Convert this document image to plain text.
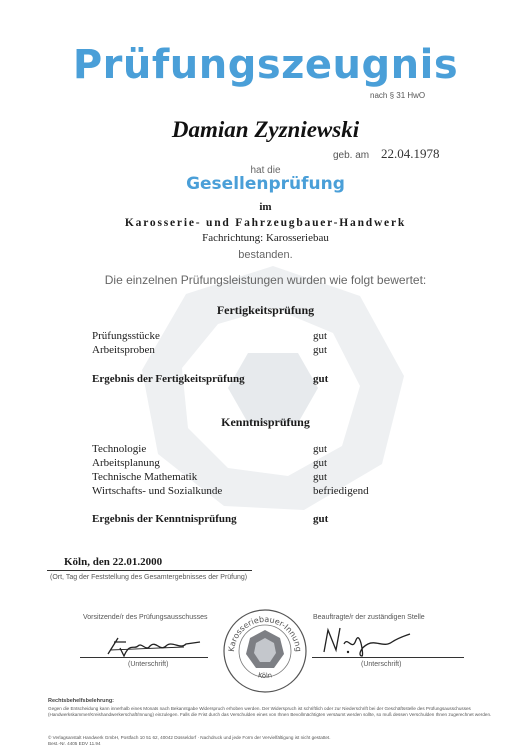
Prüfungszeugnis
nach § 31 HwO
Damian Zyzniewski
geb. am 22.04.1978
hat die
Gesellenprüfung
im
Karosserie- und Fahrzeugbauer-Handwerk
Fachrichtung: Karosseriebau
bestanden.
Die einzelnen Prüfungsleistungen wurden wie folgt bewertet:
Fertigkeitsprüfung
Prüfungsstücke	gut
Arbeitsproben	gut
Ergebnis der Fertigkeitsprüfung	gut
Kenntnisprüfung
Technologie	gut
Arbeitsplanung	gut
Technische Mathematik	gut
Wirtschafts- und Sozialkunde	befriedigend
Ergebnis der Kenntnisprüfung	gut
Köln, den 22.01.2000
(Ort, Tag der Feststellung des Gesamtergebnisses der Prüfung)
Vorsitzende/r des Prüfungsausschusses	Beauftragte/r der zuständigen Stelle
Karosseriebauer-Innung
Köln
(Unterschrift)	(Unterschrift)
Rechtsbehelfsbelehrung:
Gegen die Entscheidung kann innerhalb eines Monats nach Bekanntgabe Widerspruch erhoben werden. Der Widerspruch ist schriftlich oder zur Niederschrift bei der Geschäftsstelle des Prüfungsausschusses (Handwerkskammer/Kreishandwerkerschaft/Innung) einzulegen. Falls die Frist durch das Verschulden eines von Ihnen Bevollmächtigten versäumt werden sollte, so muß dessen Verschulden Ihnen zugerechnet werden.
© Verlagsanstalt Handwerk GmbH, Postfach 10 51 62, 40042 Düsseldorf · Nachdruck und jede Form der Vervielfältigung ist nicht gestattet.
Best.-Nr. 4405 EDV 11.94
